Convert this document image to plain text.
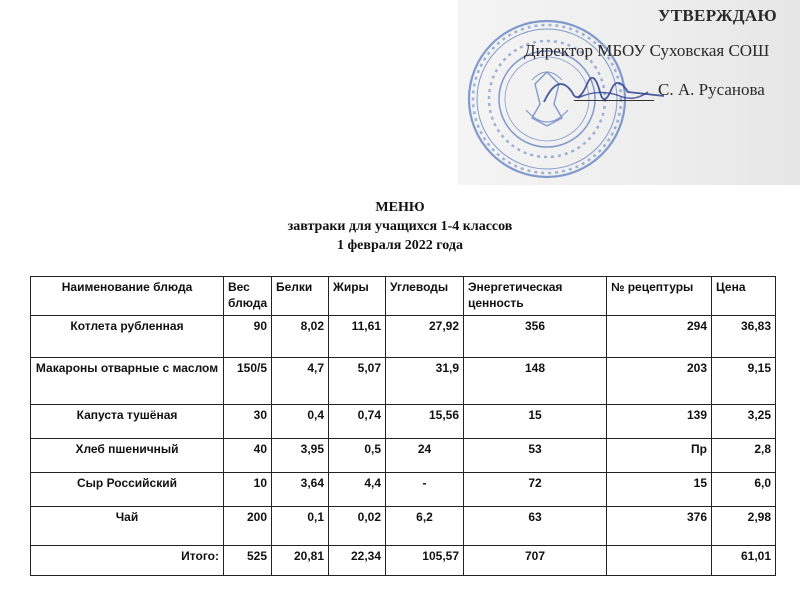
УТВЕРЖДАЮ
Директор МБОУ Суховская СОШ
С. А. Русанова
МЕНЮ
завтраки для учащихся 1-4 классов
1 февраля 2022 года
Наименование блюда	Вес блюда	Белки	Жиры	Углеводы	Энергетическая ценность	№ рецептуры	Цена
Котлета рубленная	90	8,02	11,61	27,92	356	294	36,83
Макароны отварные с маслом	150/5	4,7	5,07	31,9	148	203	9,15
Капуста тушёная	30	0,4	0,74	15,56	15	139	3,25
Хлеб пшеничный	40	3,95	0,5	24	53	Пр	2,8
Сыр Российский	10	3,64	4,4	-	72	15	6,0
Чай	200	0,1	0,02	6,2	63	376	2,98
Итого:	525	20,81	22,34	105,57	707		61,01
